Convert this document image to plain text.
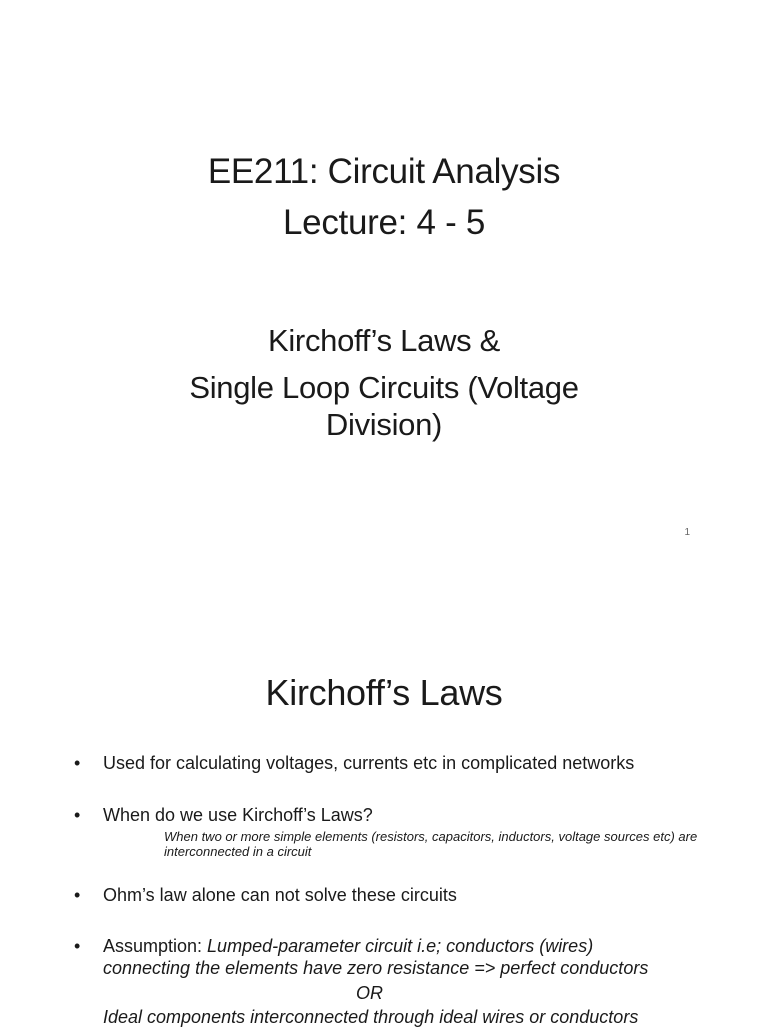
EE211: Circuit Analysis
Lecture: 4 - 5
Kirchoff’s Laws &
Single Loop Circuits (Voltage
Division)
1
Kirchoff’s Laws
• Used for calculating voltages, currents etc in complicated networks
• When do we use Kirchoff’s Laws?
When two or more simple elements (resistors, capacitors, inductors, voltage sources etc) are interconnected in a circuit
• Ohm’s law alone can not solve these circuits
• Assumption: Lumped-parameter circuit i.e; conductors (wires)
connecting the elements have zero resistance => perfect conductors
OR
Ideal components interconnected through ideal wires or conductors
